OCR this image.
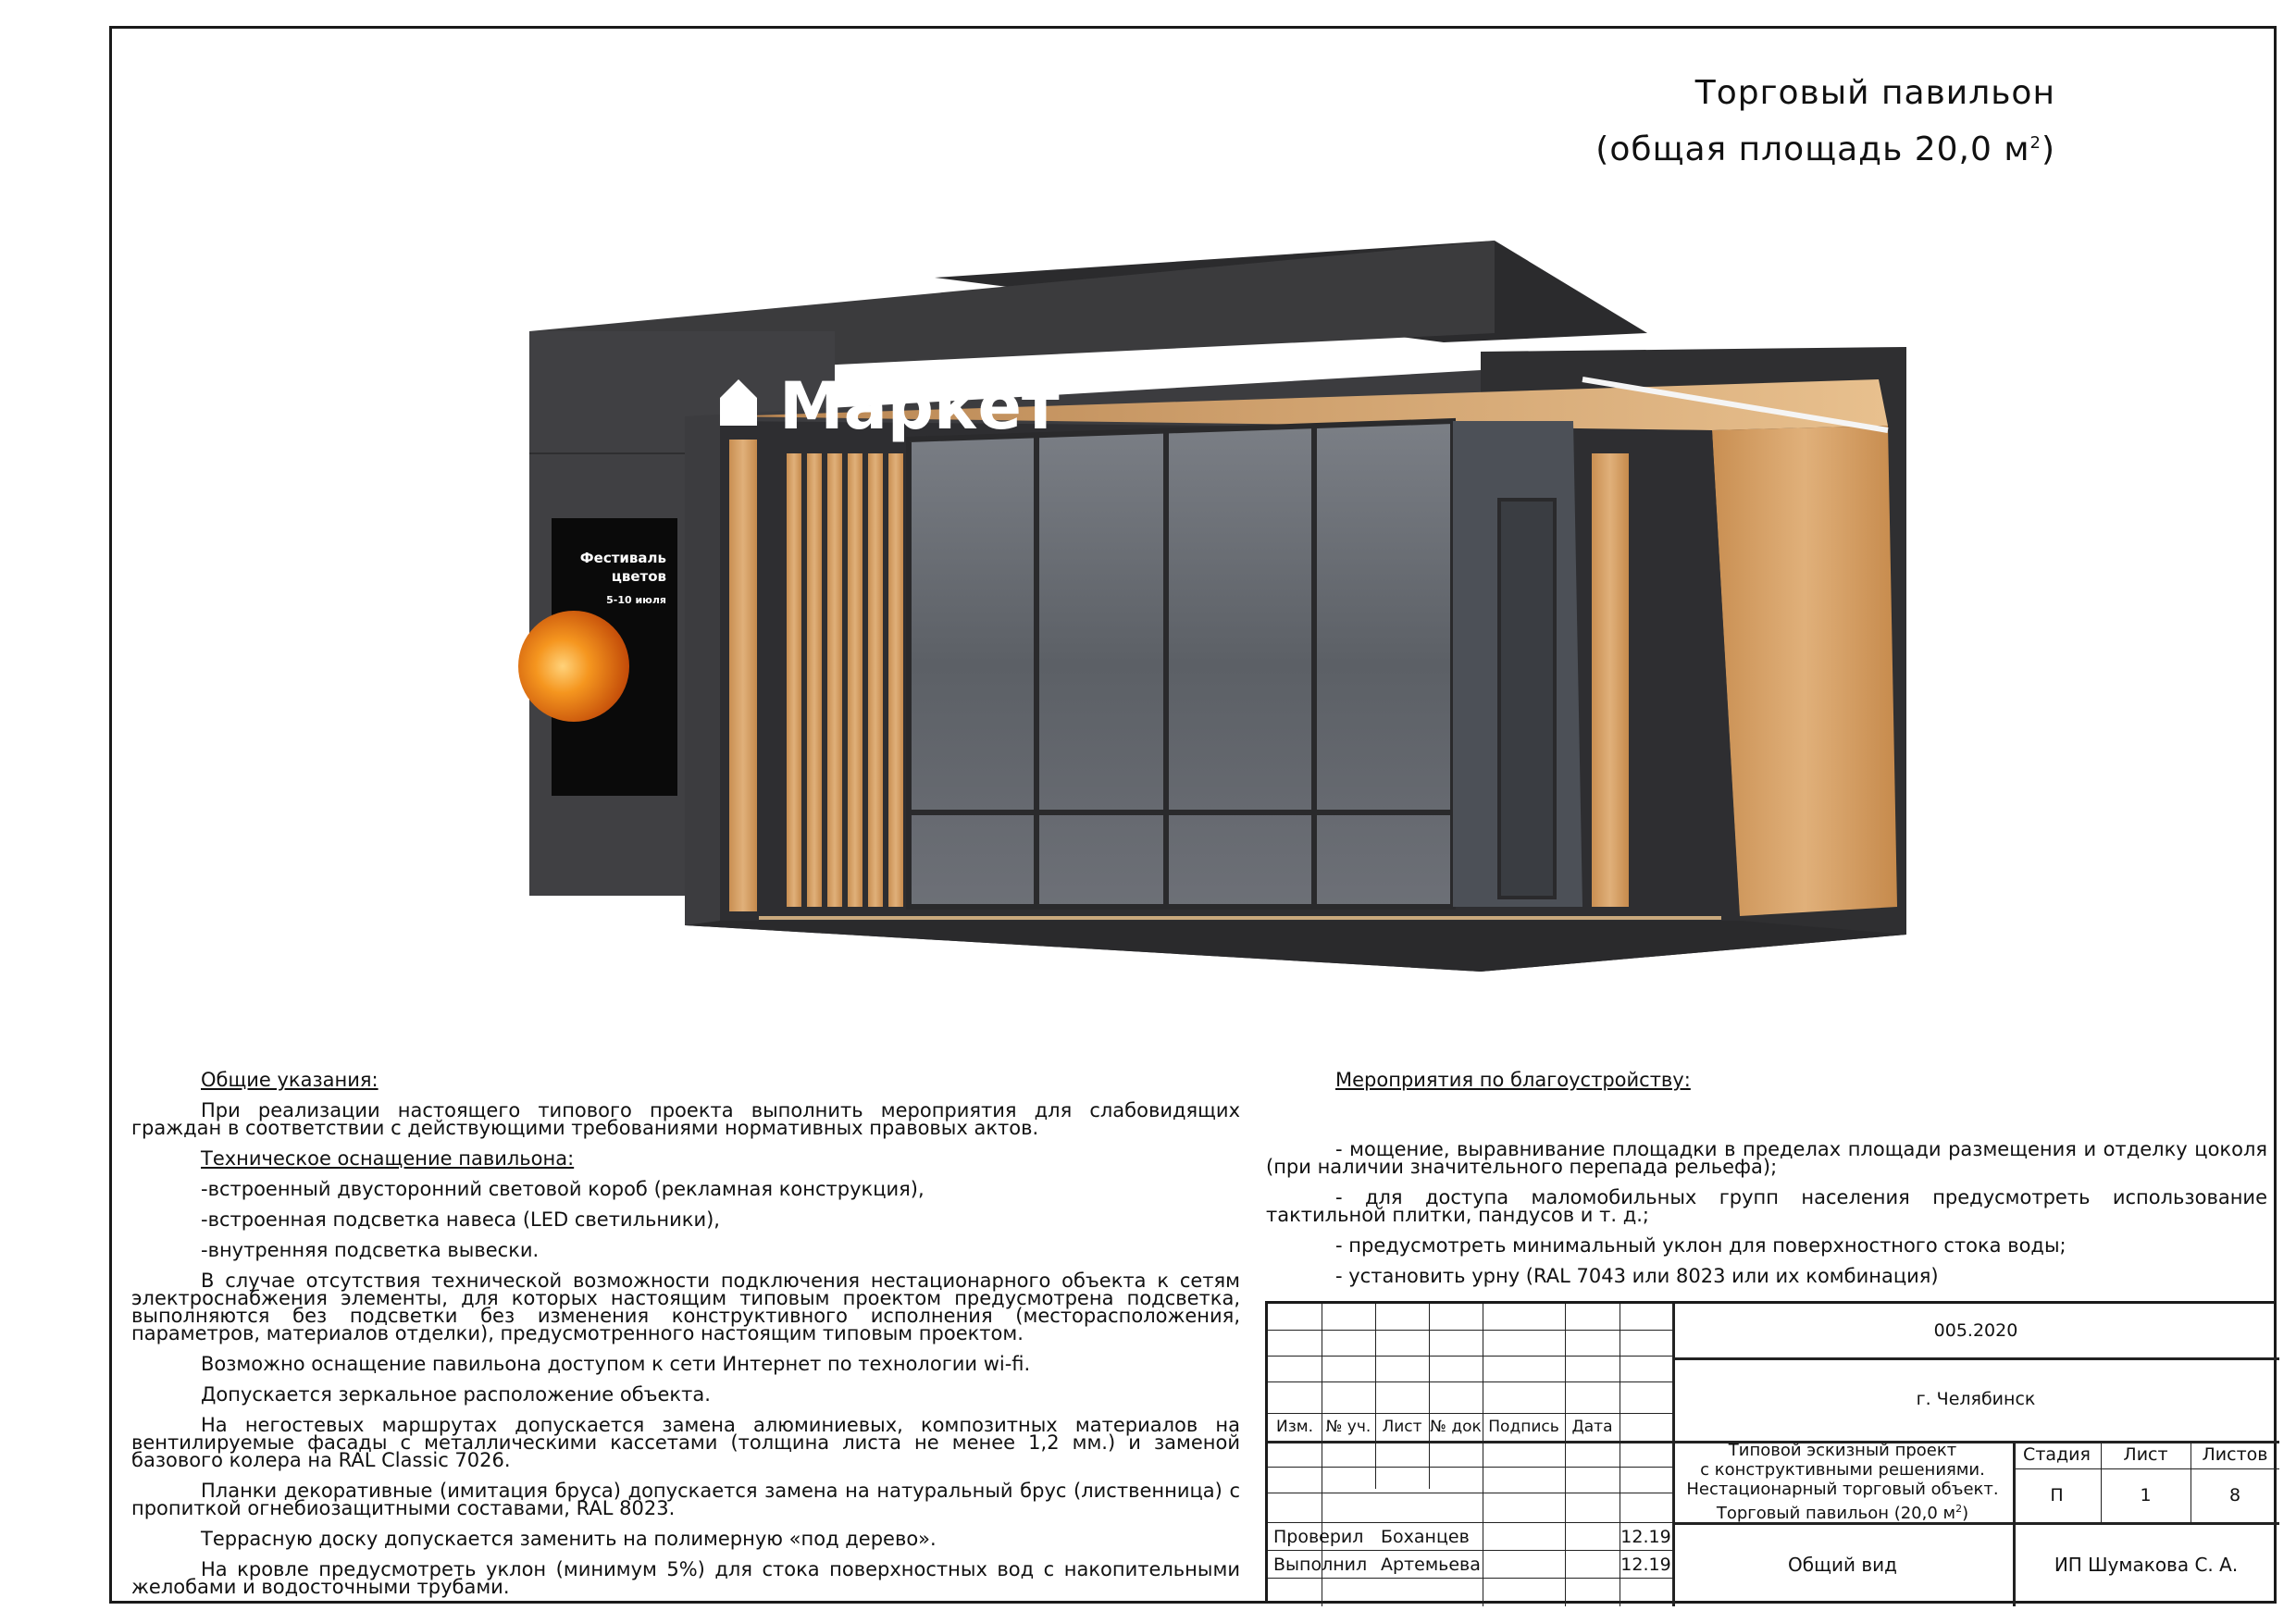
Торговый павильон
(общая площадь 20,0 $м^2$)
Маркет
Фестиваль
цветов
5-10 июля

Общие указания:

При реализации настоящего типового проекта выполнить мероприятия для слабовидящих граждан в соответствии с действующими требованиями нормативных правовых актов.

Техническое оснащение павильона:

-встроенный двусторонний световой короб (рекламная конструкция),

-встроенная подсветка навеса (LED светильники),

-внутренняя подсветка вывески.

В случае отсутствия технической возможности подключения нестационарного объекта к сетям электроснабжения элементы, для которых настоящим типовым проектом предусмотрена подсветка, выполняются без подсветки без изменения конструктивного исполнения (месторасположения, параметров, материалов отделки), предусмотренного настоящим типовым проектом.

Возможно оснащение павильона доступом к сети Интернет по технологии wi-fi.

Допускается зеркальное расположение объекта.

На негостевых маршрутах допускается замена алюминиевых, композитных материалов на вентилируемые фасады с металлическими кассетами (толщина листа не менее 1,2 мм.) и заменой базового колера на RAL Classic 7026.

Планки декоративные (имитация бруса) допускается замена на натуральный брус (лиственница) с пропиткой огнебиозащитными составами, RAL 8023.

Террасную доску допускается заменить на полимерную «под дерево».

На кровле предусмотреть уклон (минимум 5%) для стока поверхностных вод с накопительными желобами и водосточными трубами.

Мероприятия по благоустройству:

- мощение, выравнивание площадки в пределах площади размещения и отделку цоколя (при наличии значительного перепада рельефа);

- для доступа маломобильных групп населения предусмотреть использование тактильной плитки, пандусов и т. д.;

- предусмотреть минимальный уклон для поверхностного стока воды;

- установить урну (RAL 7043 или 8023 или их комбинация)

Изм. № уч. Лист № док Подпись Дата
Проверил Боханцев	12.19
Выполнил Артемьева	12.19
005.2020
г. Челябинск
Типовой эскизный проект
с конструктивными решениями.
Нестационарный торговый объект.
Торговый павильон (20,0 $м^2$)
Стадия	Лист	Листов
П	1	8
Общий вид	ИП Шумакова С. А.
